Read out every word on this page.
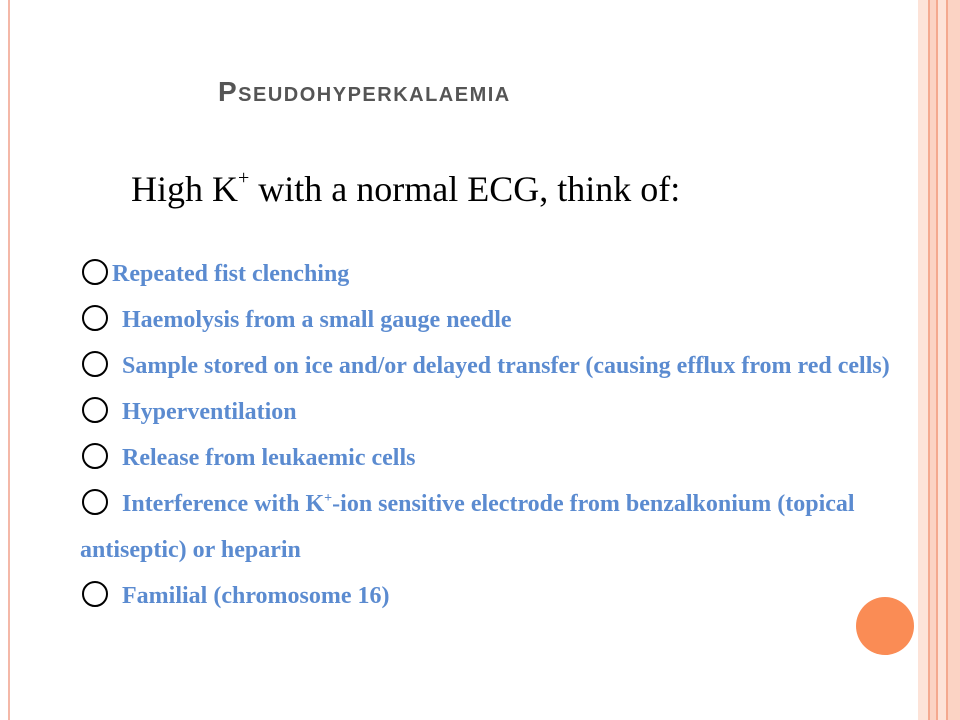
Pseudohyperkalaemia
High K+ with a normal ECG, think of:
Repeated fist clenching
Haemolysis from a small gauge needle
Sample stored on ice and/or delayed transfer (causing efflux from red cells)
Hyperventilation
Release from leukaemic cells
Interference with K+-ion sensitive electrode from benzalkonium (topical antiseptic) or heparin
Familial (chromosome 16)
